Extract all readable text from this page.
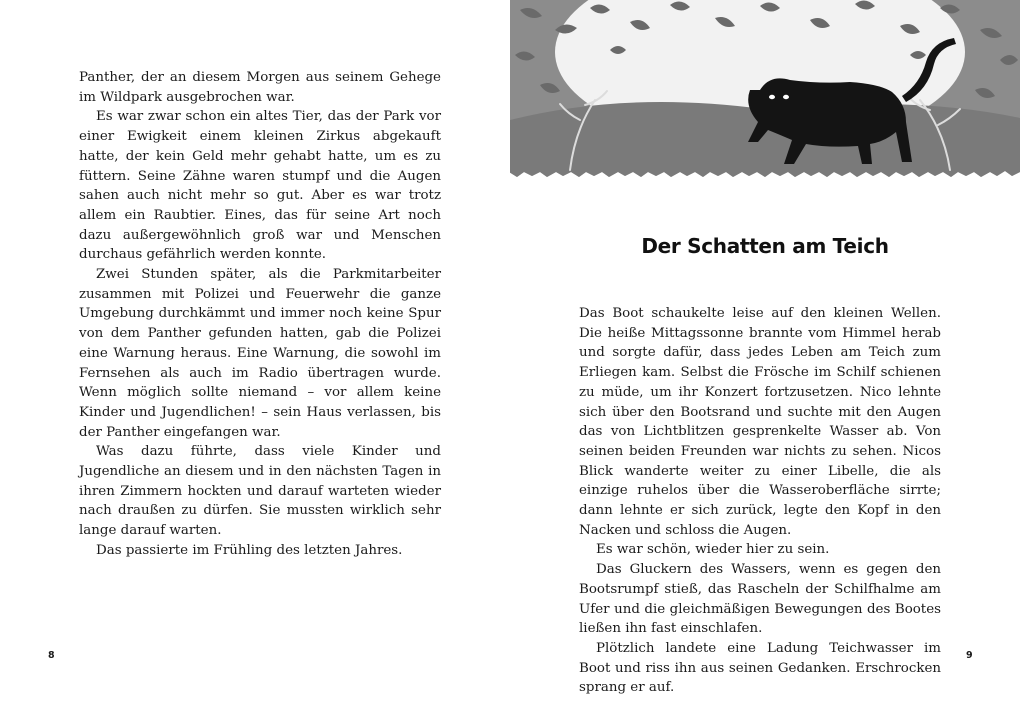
Panther, der an diesem Morgen aus seinem Gehege im Wildpark ausgebrochen war.

Es war zwar schon ein altes Tier, das der Park vor einer Ewigkeit einem kleinen Zirkus abgekauft hatte, der kein Geld mehr gehabt hatte, um es zu füttern. Seine Zähne waren stumpf und die Augen sahen auch nicht mehr so gut. Aber es war trotz allem ein Raubtier. Eines, das für seine Art noch dazu außergewöhnlich groß war und Menschen durchaus gefährlich werden konnte.

Zwei Stunden später, als die Parkmitarbeiter zusammen mit Polizei und Feuerwehr die ganze Umgebung durchkämmt und immer noch keine Spur von dem Panther gefunden hatten, gab die Polizei eine Warnung heraus. Eine Warnung, die sowohl im Fernsehen als auch im Radio übertragen wurde. Wenn möglich sollte niemand – vor allem keine Kinder und Jugendlichen! – sein Haus verlassen, bis der Panther eingefangen war.

Was dazu führte, dass viele Kinder und Jugendliche an diesem und in den nächsten Tagen in ihren Zimmern hockten und darauf warteten wieder nach draußen zu dürfen. Sie mussten wirklich sehr lange darauf warten.

Das passierte im Frühling des letzten Jahres.

8
Der Schatten am Teich

Das Boot schaukelte leise auf den kleinen Wellen. Die heiße Mittagssonne brannte vom Himmel herab und sorgte dafür, dass jedes Leben am Teich zum Erliegen kam. Selbst die Frösche im Schilf schienen zu müde, um ihr Konzert fortzusetzen. Nico lehnte sich über den Bootsrand und suchte mit den Augen das von Lichtblitzen gesprenkelte Wasser ab. Von seinen beiden Freunden war nichts zu sehen. Nicos Blick wanderte weiter zu einer Libelle, die als einzige ruhelos über die Wasseroberfläche sirrte; dann lehnte er sich zurück, legte den Kopf in den Nacken und schloss die Augen.

Es war schön, wieder hier zu sein.

Das Gluckern des Wassers, wenn es gegen den Bootsrumpf stieß, das Rascheln der Schilfhalme am Ufer und die gleichmäßigen Bewegungen des Bootes ließen ihn fast einschlafen.

Plötzlich landete eine Ladung Teichwasser im Boot und riss ihn aus seinen Gedanken. Erschrocken sprang er auf.

9
